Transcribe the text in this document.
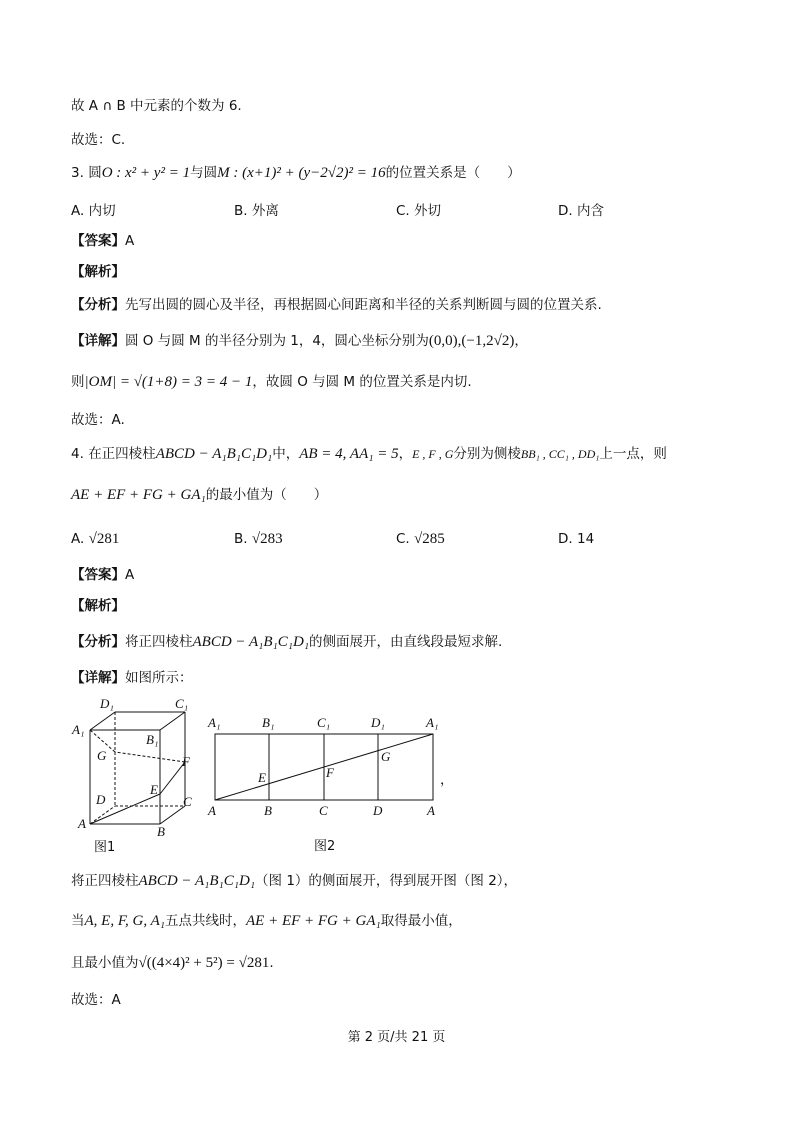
故 A ∩ B 中元素的个数为 6.
故选：C.
3. 圆O : x² + y² = 1与圆M : (x+1)² + (y−2√2)² = 16的位置关系是（　　）
A. 内切	B. 外离	C. 外切	D. 内含
【答案】A
【解析】
【分析】先写出圆的圆心及半径，再根据圆心间距离和半径的关系判断圆与圆的位置关系.
【详解】圆 O 与圆 M 的半径分别为 1，4，圆心坐标分别为(0,0),(−1,2√2)，
则|OM| = √(1+8) = 3 = 4 − 1，故圆 O 与圆 M 的位置关系是内切.
故选：A.
4. 在正四棱柱ABCD − A₁B₁C₁D₁中，AB = 4, AA₁ = 5，E , F , G分别为侧棱BB₁ , CC₁ , DD₁上一点，则
AE + EF + FG + GA₁的最小值为（　　）
A. √281	B. √283	C. √285	D. 14
【答案】A
【解析】
【分析】将正四棱柱ABCD − A₁B₁C₁D₁的侧面展开，由直线段最短求解.
【详解】如图所示：
D₁	C₁
A₁
B₁
G	F
E
D	C
A
B
图1
A₁	B₁	C₁	D₁	A₁
A	B	C	D	A
E	F
G
图2
，
将正四棱柱ABCD − A₁B₁C₁D₁（图 1）的侧面展开，得到展开图（图 2），
当A, E, F, G, A₁五点共线时，AE + EF + FG + GA₁取得最小值，
且最小值为√((4×4)² + 5²) = √281.
故选：A
第 2 页/共 21 页
